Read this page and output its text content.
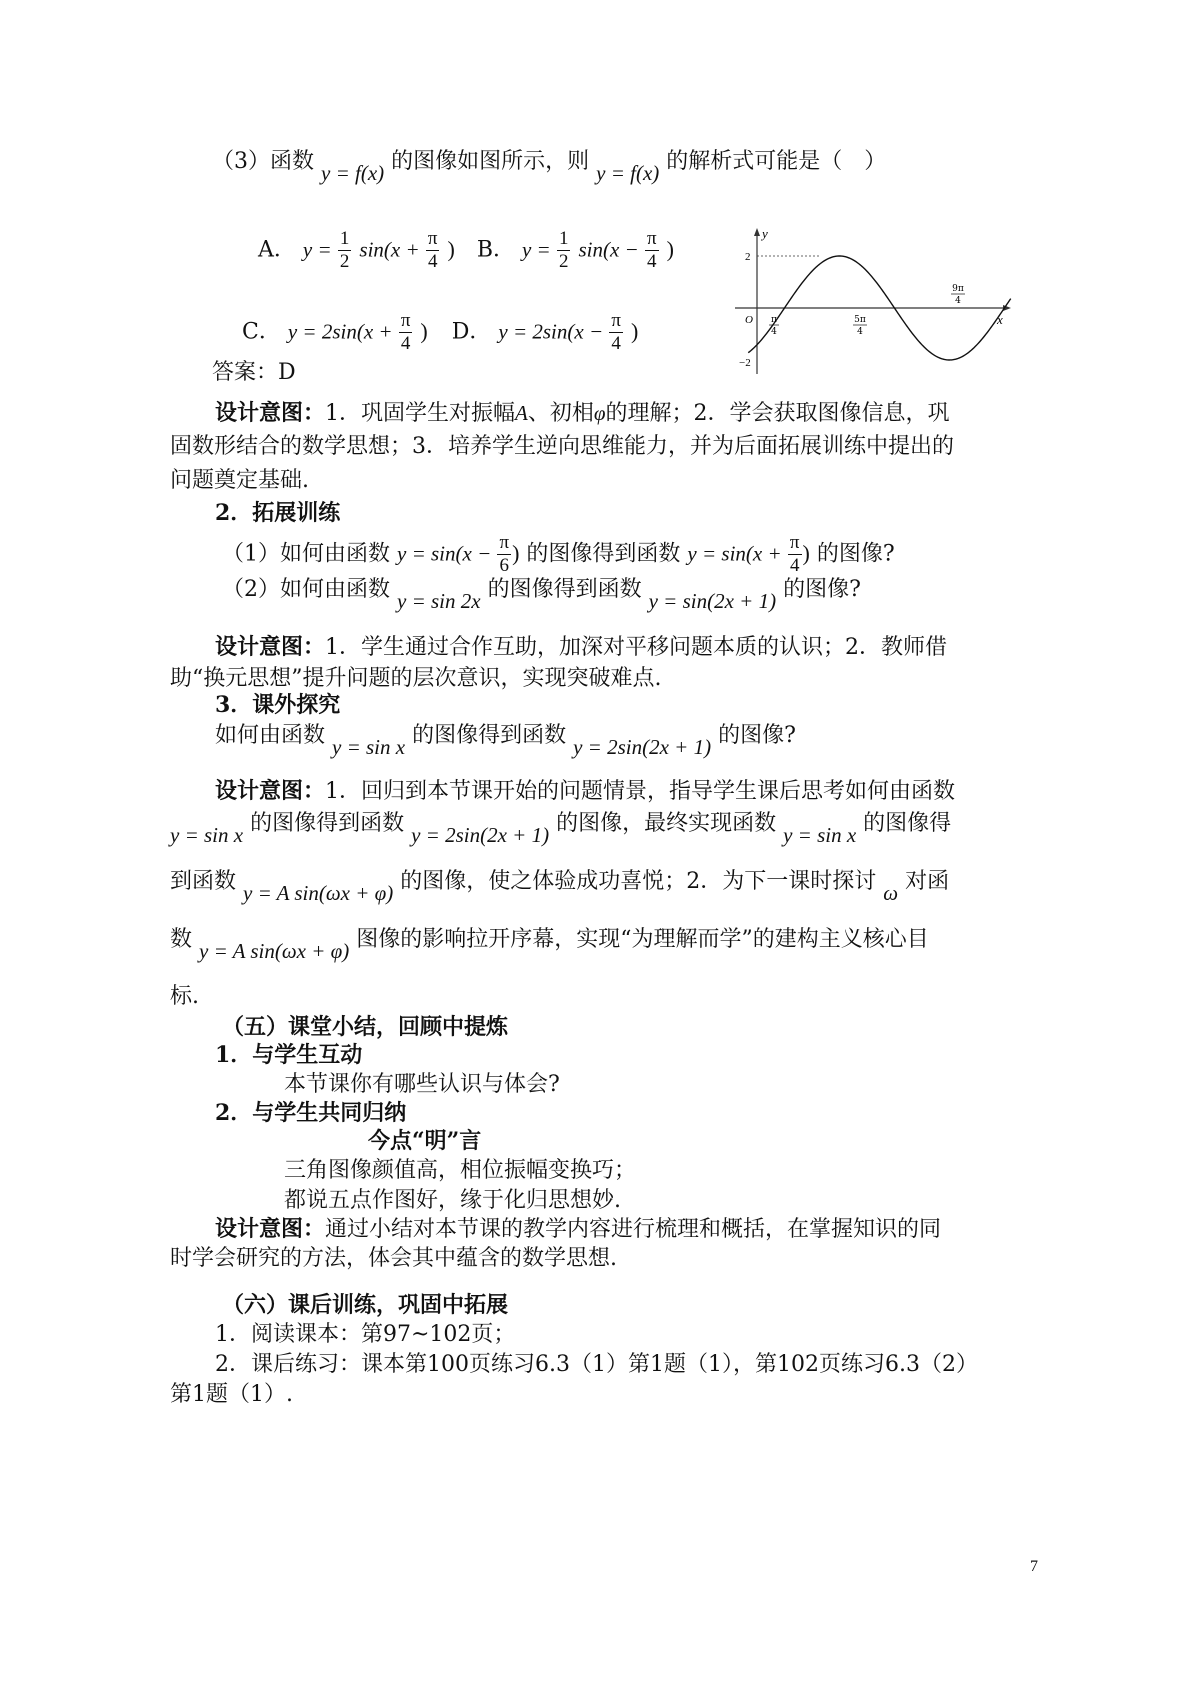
（3）函数 y = f(x) 的图像如图所示，则 y = f(x) 的解析式可能是（　）
A． $y = \frac{1}{2} \sin(x + \frac{\pi}{4}$ ) B． $y = \frac{1}{2} \sin(x - \frac{\pi}{4}$ )
C． $y = 2\sin(x + \frac{\pi}{4}$ ) D． $y = 2\sin(x - \frac{\pi}{4}$ )
y
x
O
2
−2
π
4
5π
4
9π
4
答案：D
设计意图：1．巩固学生对振幅A、初相φ的理解；2．学会获取图像信息，巩
固数形结合的数学思想；3．培养学生逆向思维能力，并为后面拓展训练中提出的
问题奠定基础.
2．拓展训练
（1）如何由函数 $y = \sin(x - \frac{\pi}{6}$ ) 的图像得到函数 $y = \sin(x + \frac{\pi}{4}$ ) 的图像?
（2）如何由函数 y = sin 2x 的图像得到函数 y = sin(2x + 1) 的图像?
设计意图：1．学生通过合作互助，加深对平移问题本质的认识；2．教师借
助“换元思想”提升问题的层次意识，实现突破难点.
3．课外探究
如何由函数 y = sin x 的图像得到函数 y = 2sin(2x + 1) 的图像?
设计意图：1．回归到本节课开始的问题情景，指导学生课后思考如何由函数
y = sin x 的图像得到函数 y = 2sin(2x + 1) 的图像，最终实现函数 y = sin x 的图像得
到函数 y = A sin(ωx + φ) 的图像，使之体验成功喜悦；2．为下一课时探讨 ω 对函
数 y = A sin(ωx + φ) 图像的影响拉开序幕，实现“为理解而学”的建构主义核心目
标.
（五）课堂小结，回顾中提炼
1．与学生互动
本节课你有哪些认识与体会?
2．与学生共同归纳
今点“明”言
三角图像颜值高，相位振幅变换巧；
都说五点作图好，缘于化归思想妙.
设计意图：通过小结对本节课的教学内容进行梳理和概括，在掌握知识的同
时学会研究的方法，体会其中蕴含的数学思想.
（六）课后训练，巩固中拓展
1．阅读课本：第97~102页；
2．课后练习：课本第100页练习6.3（1）第1题（1），第102页练习6.3（2）
第1题（1）.
7
